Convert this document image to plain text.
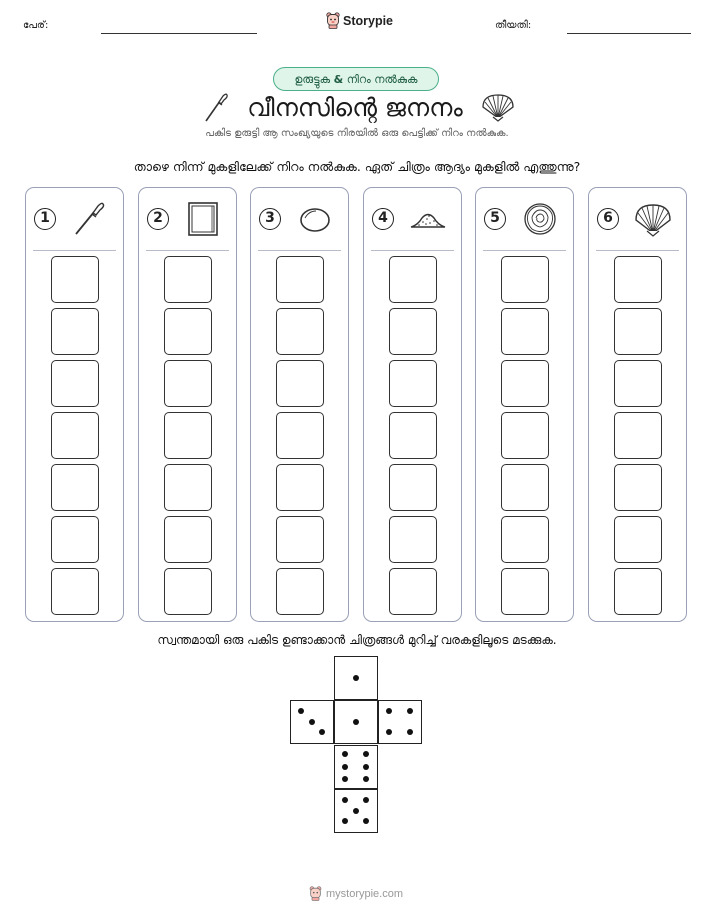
പേര്:	Storypie	തീയതി:
ഉരുട്ടുക & നിറം നൽകുക
വീനസിന്റെ ജനനം
പകിട ഉരുട്ടി ആ സംഖ്യയുടെ നിരയിൽ ഒരു പെട്ടിക്ക് നിറം നൽകുക.
താഴെ നിന്ന് മുകളിലേക്ക് നിറം നൽകുക. ഏത് ചിത്രം ആദ്യം മുകളിൽ എത്തുന്നു?
1	2	3	4	5	6
സ്വന്തമായി ഒരു പകിട ഉണ്ടാക്കാൻ ചിത്രങ്ങൾ മുറിച്ച് വരകളിലൂടെ മടക്കുക.
mystorypie.com
